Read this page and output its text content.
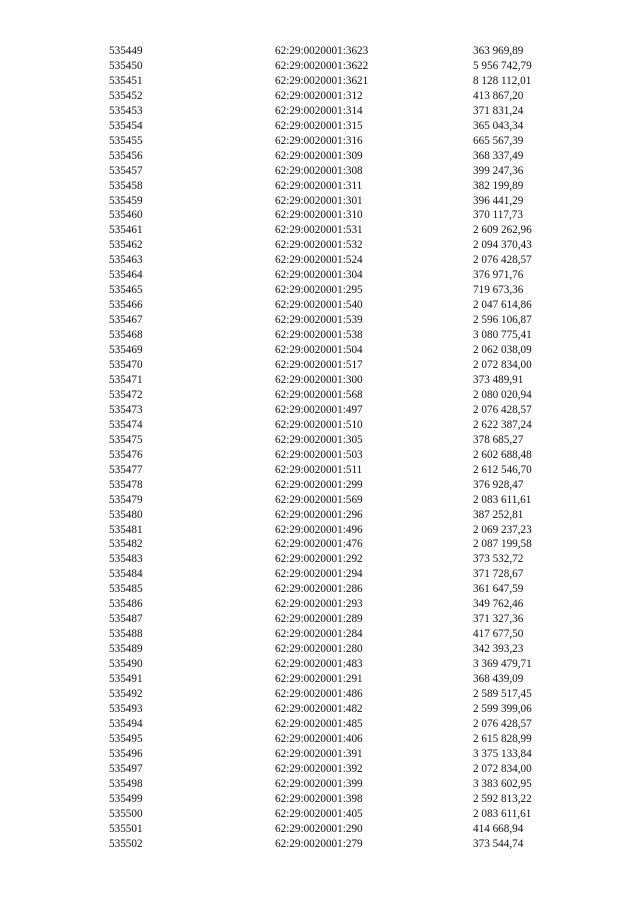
535449	62:29:0020001:3623	363 969,89
535450	62:29:0020001:3622	5 956 742,79
535451	62:29:0020001:3621	8 128 112,01
535452	62:29:0020001:312	413 867,20
535453	62:29:0020001:314	371 831,24
535454	62:29:0020001:315	365 043,34
535455	62:29:0020001:316	665 567,39
535456	62:29:0020001:309	368 337,49
535457	62:29:0020001:308	399 247,36
535458	62:29:0020001:311	382 199,89
535459	62:29:0020001:301	396 441,29
535460	62:29:0020001:310	370 117,73
535461	62:29:0020001:531	2 609 262,96
535462	62:29:0020001:532	2 094 370,43
535463	62:29:0020001:524	2 076 428,57
535464	62:29:0020001:304	376 971,76
535465	62:29:0020001:295	719 673,36
535466	62:29:0020001:540	2 047 614,86
535467	62:29:0020001:539	2 596 106,87
535468	62:29:0020001:538	3 080 775,41
535469	62:29:0020001:504	2 062 038,09
535470	62:29:0020001:517	2 072 834,00
535471	62:29:0020001:300	373 489,91
535472	62:29:0020001:568	2 080 020,94
535473	62:29:0020001:497	2 076 428,57
535474	62:29:0020001:510	2 622 387,24
535475	62:29:0020001:305	378 685,27
535476	62:29:0020001:503	2 602 688,48
535477	62:29:0020001:511	2 612 546,70
535478	62:29:0020001:299	376 928,47
535479	62:29:0020001:569	2 083 611,61
535480	62:29:0020001:296	387 252,81
535481	62:29:0020001:496	2 069 237,23
535482	62:29:0020001:476	2 087 199,58
535483	62:29:0020001:292	373 532,72
535484	62:29:0020001:294	371 728,67
535485	62:29:0020001:286	361 647,59
535486	62:29:0020001:293	349 762,46
535487	62:29:0020001:289	371 327,36
535488	62:29:0020001:284	417 677,50
535489	62:29:0020001:280	342 393,23
535490	62:29:0020001:483	3 369 479,71
535491	62:29:0020001:291	368 439,09
535492	62:29:0020001:486	2 589 517,45
535493	62:29:0020001:482	2 599 399,06
535494	62:29:0020001:485	2 076 428,57
535495	62:29:0020001:406	2 615 828,99
535496	62:29:0020001:391	3 375 133,84
535497	62:29:0020001:392	2 072 834,00
535498	62:29:0020001:399	3 383 602,95
535499	62:29:0020001:398	2 592 813,22
535500	62:29:0020001:405	2 083 611,61
535501	62:29:0020001:290	414 668,94
535502	62:29:0020001:279	373 544,74
